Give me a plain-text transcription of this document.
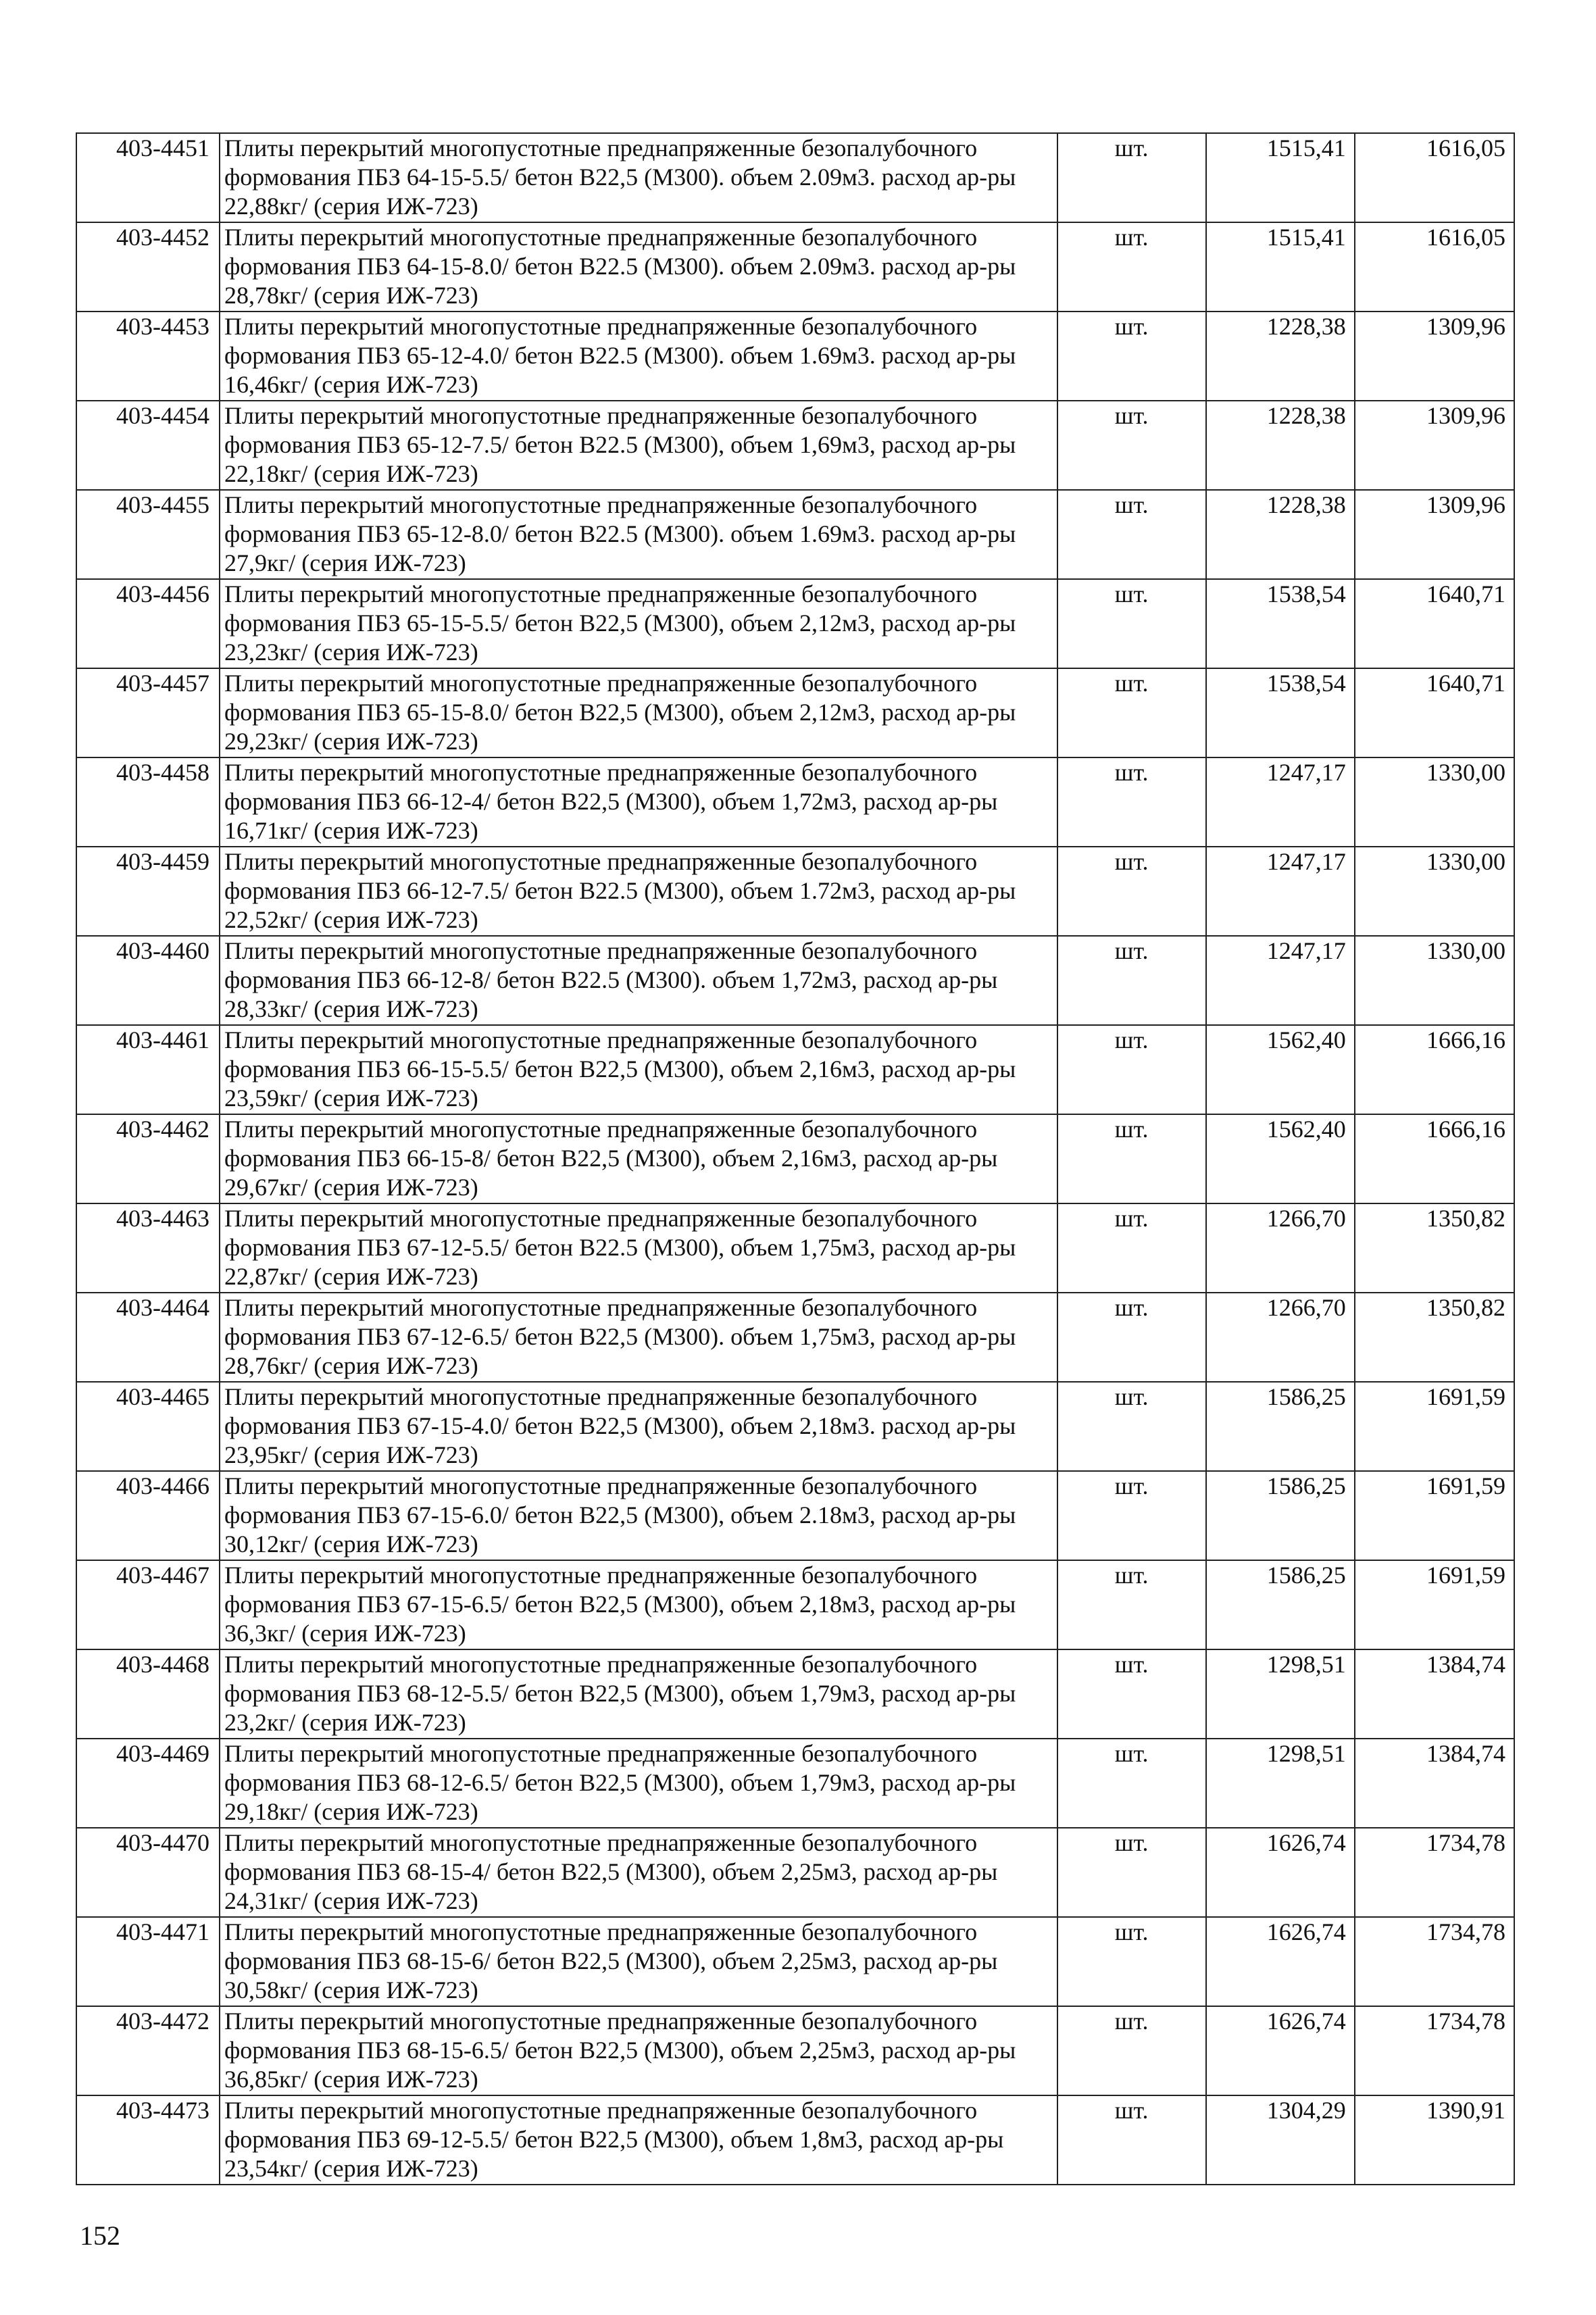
403-4451	Плиты перекрытий многопустотные преднапряженные безопалубочного формования ПБЗ 64-15-5.5/ бетон В22,5 (М300). объем 2.09м3. расход ар-ры 22,88кг/ (серия ИЖ-723)	шт.	1515,41	1616,05
403-4452	Плиты перекрытий многопустотные преднапряженные безопалубочного формования ПБЗ 64-15-8.0/ бетон В22.5 (М300). объем 2.09м3. расход ар-ры 28,78кг/ (серия ИЖ-723)	шт.	1515,41	1616,05
403-4453	Плиты перекрытий многопустотные преднапряженные безопалубочного формования ПБЗ 65-12-4.0/ бетон В22.5 (М300). объем 1.69м3. расход ар-ры 16,46кг/ (серия ИЖ-723)	шт.	1228,38	1309,96
403-4454	Плиты перекрытий многопустотные преднапряженные безопалубочного формования ПБЗ 65-12-7.5/ бетон В22.5 (М300), объем 1,69м3, расход ар-ры 22,18кг/ (серия ИЖ-723)	шт.	1228,38	1309,96
403-4455	Плиты перекрытий многопустотные преднапряженные безопалубочного формования ПБЗ 65-12-8.0/ бетон В22.5 (М300). объем 1.69м3. расход ар-ры 27,9кг/ (серия ИЖ-723)	шт.	1228,38	1309,96
403-4456	Плиты перекрытий многопустотные преднапряженные безопалубочного формования ПБЗ 65-15-5.5/ бетон В22,5 (М300), объем 2,12м3, расход ар-ры 23,23кг/ (серия ИЖ-723)	шт.	1538,54	1640,71
403-4457	Плиты перекрытий многопустотные преднапряженные безопалубочного формования ПБЗ 65-15-8.0/ бетон В22,5 (М300), объем 2,12м3, расход ар-ры 29,23кг/ (серия ИЖ-723)	шт.	1538,54	1640,71
403-4458	Плиты перекрытий многопустотные преднапряженные безопалубочного формования ПБЗ 66-12-4/ бетон В22,5 (М300), объем 1,72м3, расход ар-ры 16,71кг/ (серия ИЖ-723)	шт.	1247,17	1330,00
403-4459	Плиты перекрытий многопустотные преднапряженные безопалубочного формования ПБЗ 66-12-7.5/ бетон В22.5 (М300), объем 1.72м3, расход ар-ры 22,52кг/ (серия ИЖ-723)	шт.	1247,17	1330,00
403-4460	Плиты перекрытий многопустотные преднапряженные безопалубочного формования ПБЗ 66-12-8/ бетон В22.5 (М300). объем 1,72м3, расход ар-ры 28,33кг/ (серия ИЖ-723)	шт.	1247,17	1330,00
403-4461	Плиты перекрытий многопустотные преднапряженные безопалубочного формования ПБЗ 66-15-5.5/ бетон В22,5 (М300), объем 2,16м3, расход ар-ры 23,59кг/ (серия ИЖ-723)	шт.	1562,40	1666,16
403-4462	Плиты перекрытий многопустотные преднапряженные безопалубочного формования ПБЗ 66-15-8/ бетон В22,5 (М300), объем 2,16м3, расход ар-ры 29,67кг/ (серия ИЖ-723)	шт.	1562,40	1666,16
403-4463	Плиты перекрытий многопустотные преднапряженные безопалубочного формования ПБЗ 67-12-5.5/ бетон В22.5 (М300), объем 1,75м3, расход ар-ры 22,87кг/ (серия ИЖ-723)	шт.	1266,70	1350,82
403-4464	Плиты перекрытий многопустотные преднапряженные безопалубочного формования ПБЗ 67-12-6.5/ бетон В22,5 (М300). объем 1,75м3, расход ар-ры 28,76кг/ (серия ИЖ-723)	шт.	1266,70	1350,82
403-4465	Плиты перекрытий многопустотные преднапряженные безопалубочного формования ПБЗ 67-15-4.0/ бетон В22,5 (М300), объем 2,18м3. расход ар-ры 23,95кг/ (серия ИЖ-723)	шт.	1586,25	1691,59
403-4466	Плиты перекрытий многопустотные преднапряженные безопалубочного формования ПБЗ 67-15-6.0/ бетон В22,5 (М300), объем 2.18м3, расход ар-ры 30,12кг/ (серия ИЖ-723)	шт.	1586,25	1691,59
403-4467	Плиты перекрытий многопустотные преднапряженные безопалубочного формования ПБЗ 67-15-6.5/ бетон В22,5 (М300), объем 2,18м3, расход ар-ры 36,3кг/ (серия ИЖ-723)	шт.	1586,25	1691,59
403-4468	Плиты перекрытий многопустотные преднапряженные безопалубочного формования ПБЗ 68-12-5.5/ бетон В22,5 (М300), объем 1,79м3, расход ар-ры 23,2кг/ (серия ИЖ-723)	шт.	1298,51	1384,74
403-4469	Плиты перекрытий многопустотные преднапряженные безопалубочного формования ПБЗ 68-12-6.5/ бетон В22,5 (М300), объем 1,79м3, расход ар-ры 29,18кг/ (серия ИЖ-723)	шт.	1298,51	1384,74
403-4470	Плиты перекрытий многопустотные преднапряженные безопалубочного формования ПБЗ 68-15-4/ бетон В22,5 (М300), объем 2,25м3, расход ар-ры 24,31кг/ (серия ИЖ-723)	шт.	1626,74	1734,78
403-4471	Плиты перекрытий многопустотные преднапряженные безопалубочного формования ПБЗ 68-15-6/ бетон В22,5 (М300), объем 2,25м3, расход ар-ры 30,58кг/ (серия ИЖ-723)	шт.	1626,74	1734,78
403-4472	Плиты перекрытий многопустотные преднапряженные безопалубочного формования ПБЗ 68-15-6.5/ бетон В22,5 (М300), объем 2,25м3, расход ар-ры 36,85кг/ (серия ИЖ-723)	шт.	1626,74	1734,78
403-4473	Плиты перекрытий многопустотные преднапряженные безопалубочного формования ПБЗ 69-12-5.5/ бетон В22,5 (М300), объем 1,8м3, расход ар-ры 23,54кг/ (серия ИЖ-723)	шт.	1304,29	1390,91
152
